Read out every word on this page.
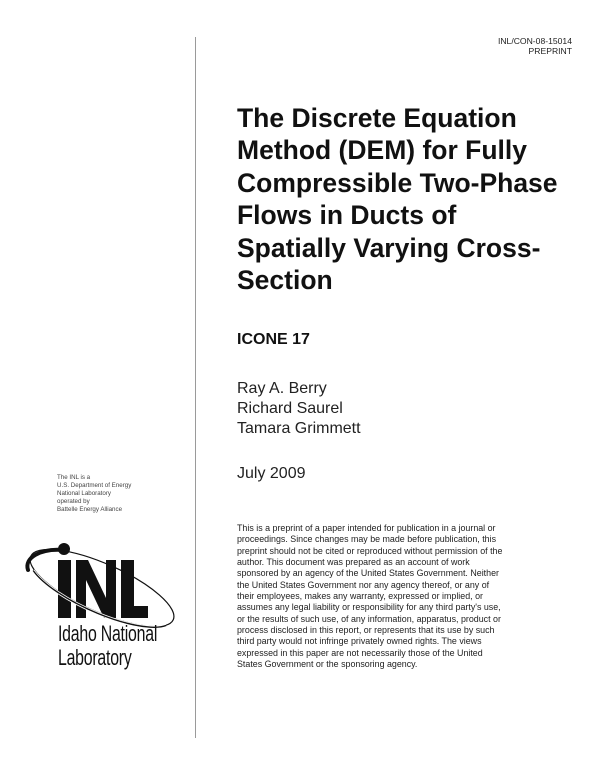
INL/CON-08-15014
PREPRINT
The Discrete Equation
Method (DEM) for Fully
Compressible Two-Phase
Flows in Ducts of
Spatially Varying Cross-
Section
ICONE 17
Ray A. Berry
Richard Saurel
Tamara Grimmett
July 2009
This is a preprint of a paper intended for publication in a journal or
proceedings. Since changes may be made before publication, this
preprint should not be cited or reproduced without permission of the
author. This document was prepared as an account of work
sponsored by an agency of the United States Government. Neither
the United States Government nor any agency thereof, or any of
their employees, makes any warranty, expressed or implied, or
assumes any legal liability or responsibility for any third party's use,
or the results of such use, of any information, apparatus, product or
process disclosed in this report, or represents that its use by such
third party would not infringe privately owned rights. The views
expressed in this paper are not necessarily those of the United
States Government or the sponsoring agency.
The INL is a
U.S. Department of Energy
National Laboratory
operated by
Battelle Energy Alliance
Idaho National
Laboratory
